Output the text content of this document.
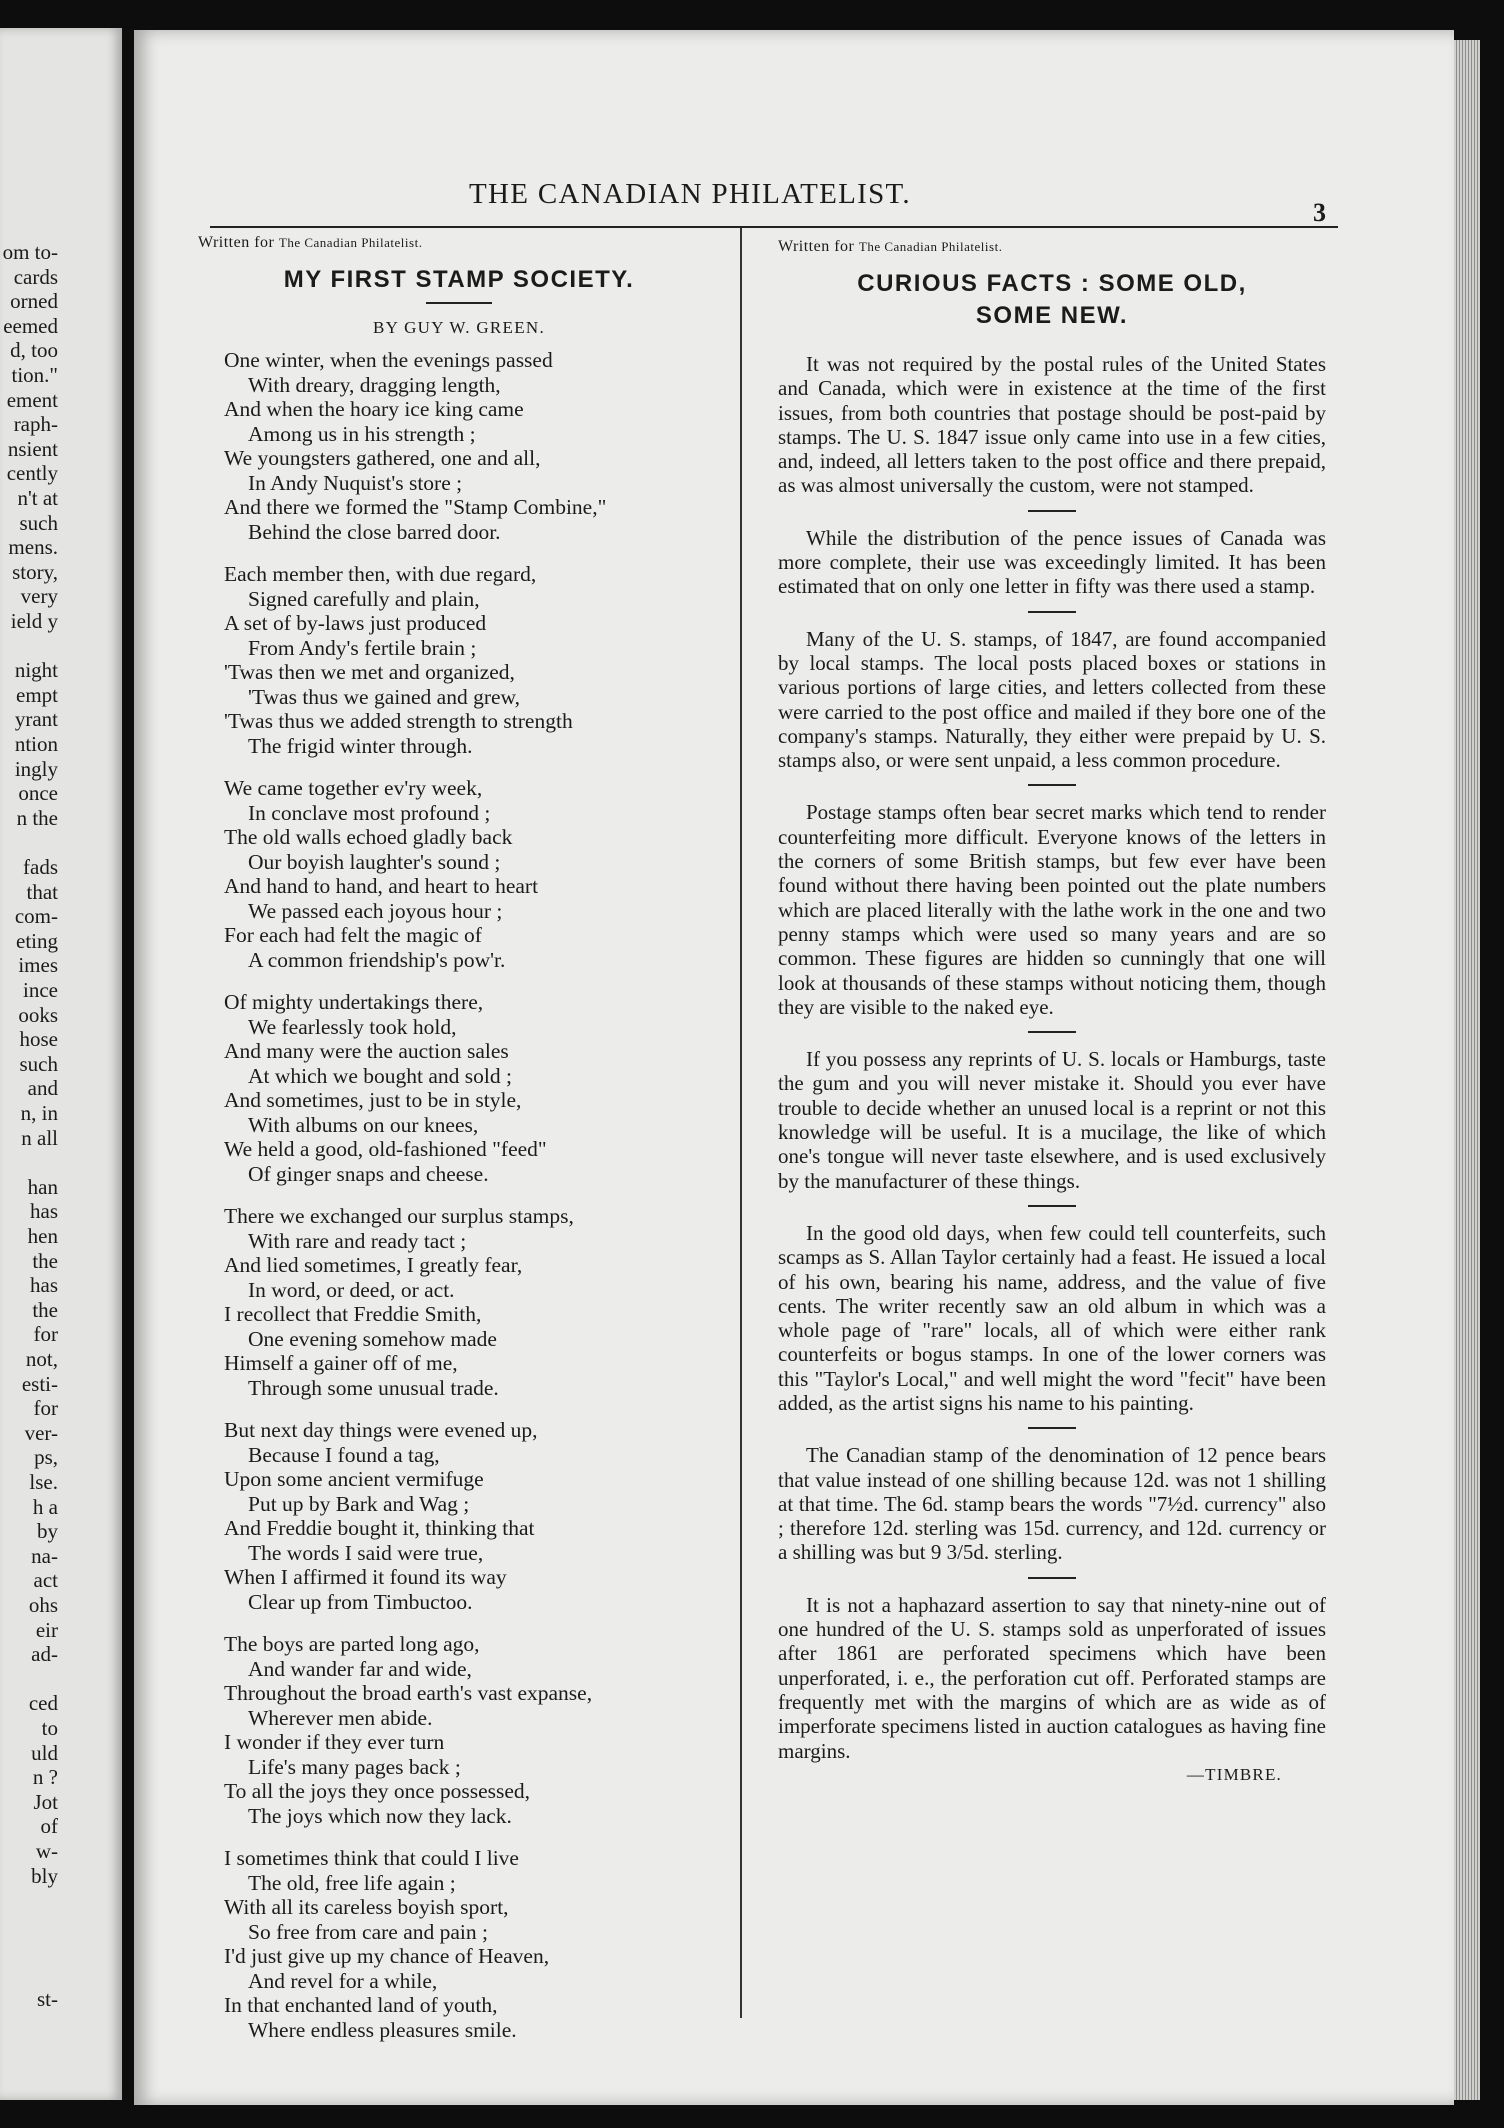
om to-
cards
orned
eemed
d, too
tion."
ement
raph-
nsient
cently
n't at
such
mens.
story,
very
ield y
night
empt
yrant
ntion
ingly
once
n the
fads
that
com-
eting
imes
ince
ooks
hose
such
and
n, in
n all
han
has
hen
the
has
the
for
not,
esti-
for
ver-
ps,
lse.
h a
by
na-
act
ohs
eir
ad-
ced
to
uld
n ?
Jot
of
w-
bly
st-
THE CANADIAN PHILATELIST.
3
Written for The Canadian Philatelist.
MY FIRST STAMP SOCIETY.
BY GUY W. GREEN.
One winter, when the evenings passed
With dreary, dragging length,
And when the hoary ice king came
Among us in his strength ;
We youngsters gathered, one and all,
In Andy Nuquist's store ;
And there we formed the "Stamp Combine,"
Behind the close barred door.
Each member then, with due regard,
Signed carefully and plain,
A set of by-laws just produced
From Andy's fertile brain ;
'Twas then we met and organized,
'Twas thus we gained and grew,
'Twas thus we added strength to strength
The frigid winter through.
We came together ev'ry week,
In conclave most profound ;
The old walls echoed gladly back
Our boyish laughter's sound ;
And hand to hand, and heart to heart
We passed each joyous hour ;
For each had felt the magic of
A common friendship's pow'r.
Of mighty undertakings there,
We fearlessly took hold,
And many were the auction sales
At which we bought and sold ;
And sometimes, just to be in style,
With albums on our knees,
We held a good, old-fashioned "feed"
Of ginger snaps and cheese.
There we exchanged our surplus stamps,
With rare and ready tact ;
And lied sometimes, I greatly fear,
In word, or deed, or act.
I recollect that Freddie Smith,
One evening somehow made
Himself a gainer off of me,
Through some unusual trade.
But next day things were evened up,
Because I found a tag,
Upon some ancient vermifuge
Put up by Bark and Wag ;
And Freddie bought it, thinking that
The words I said were true,
When I affirmed it found its way
Clear up from Timbuctoo.
The boys are parted long ago,
And wander far and wide,
Throughout the broad earth's vast expanse,
Wherever men abide.
I wonder if they ever turn
Life's many pages back ;
To all the joys they once possessed,
The joys which now they lack.
I sometimes think that could I live
The old, free life again ;
With all its careless boyish sport,
So free from care and pain ;
I'd just give up my chance of Heaven,
And revel for a while,
In that enchanted land of youth,
Where endless pleasures smile.
Written for The Canadian Philatelist.
CURIOUS FACTS : SOME OLD,
SOME NEW.

It was not required by the postal rules of the United States and Canada, which were in existence at the time of the first issues, from both countries that postage should be post-paid by stamps. The U. S. 1847 issue only came into use in a few cities, and, indeed, all letters taken to the post office and there prepaid, as was almost universally the custom, were not stamped.

While the distribution of the pence issues of Canada was more complete, their use was exceedingly limited. It has been estimated that on only one letter in fifty was there used a stamp.

Many of the U. S. stamps, of 1847, are found accompanied by local stamps. The local posts placed boxes or stations in various portions of large cities, and letters collected from these were carried to the post office and mailed if they bore one of the company's stamps. Naturally, they either were prepaid by U. S. stamps also, or were sent unpaid, a less common procedure.

Postage stamps often bear secret marks which tend to render counterfeiting more difficult. Everyone knows of the letters in the corners of some British stamps, but few ever have been found without there having been pointed out the plate numbers which are placed literally with the lathe work in the one and two penny stamps which were used so many years and are so common. These figures are hidden so cunningly that one will look at thousands of these stamps without noticing them, though they are visible to the naked eye.

If you possess any reprints of U. S. locals or Hamburgs, taste the gum and you will never mistake it. Should you ever have trouble to decide whether an unused local is a reprint or not this knowledge will be useful. It is a mucilage, the like of which one's tongue will never taste elsewhere, and is used exclusively by the manufacturer of these things.

In the good old days, when few could tell counterfeits, such scamps as S. Allan Taylor certainly had a feast. He issued a local of his own, bearing his name, address, and the value of five cents. The writer recently saw an old album in which was a whole page of "rare" locals, all of which were either rank counterfeits or bogus stamps. In one of the lower corners was this "Taylor's Local," and well might the word "fecit" have been added, as the artist signs his name to his painting.

The Canadian stamp of the denomination of 12 pence bears that value instead of one shilling because 12d. was not 1 shilling at that time. The 6d. stamp bears the words "7½d. currency" also ; therefore 12d. sterling was 15d. currency, and 12d. currency or a shilling was but 9 3/5d. sterling.

It is not a haphazard assertion to say that ninety-nine out of one hundred of the U. S. stamps sold as unperforated of issues after 1861 are perforated specimens which have been unperforated, i. e., the perforation cut off. Perforated stamps are frequently met with the margins of which are as wide as of imperforate specimens listed in auction catalogues as having fine margins.

—TIMBRE.
